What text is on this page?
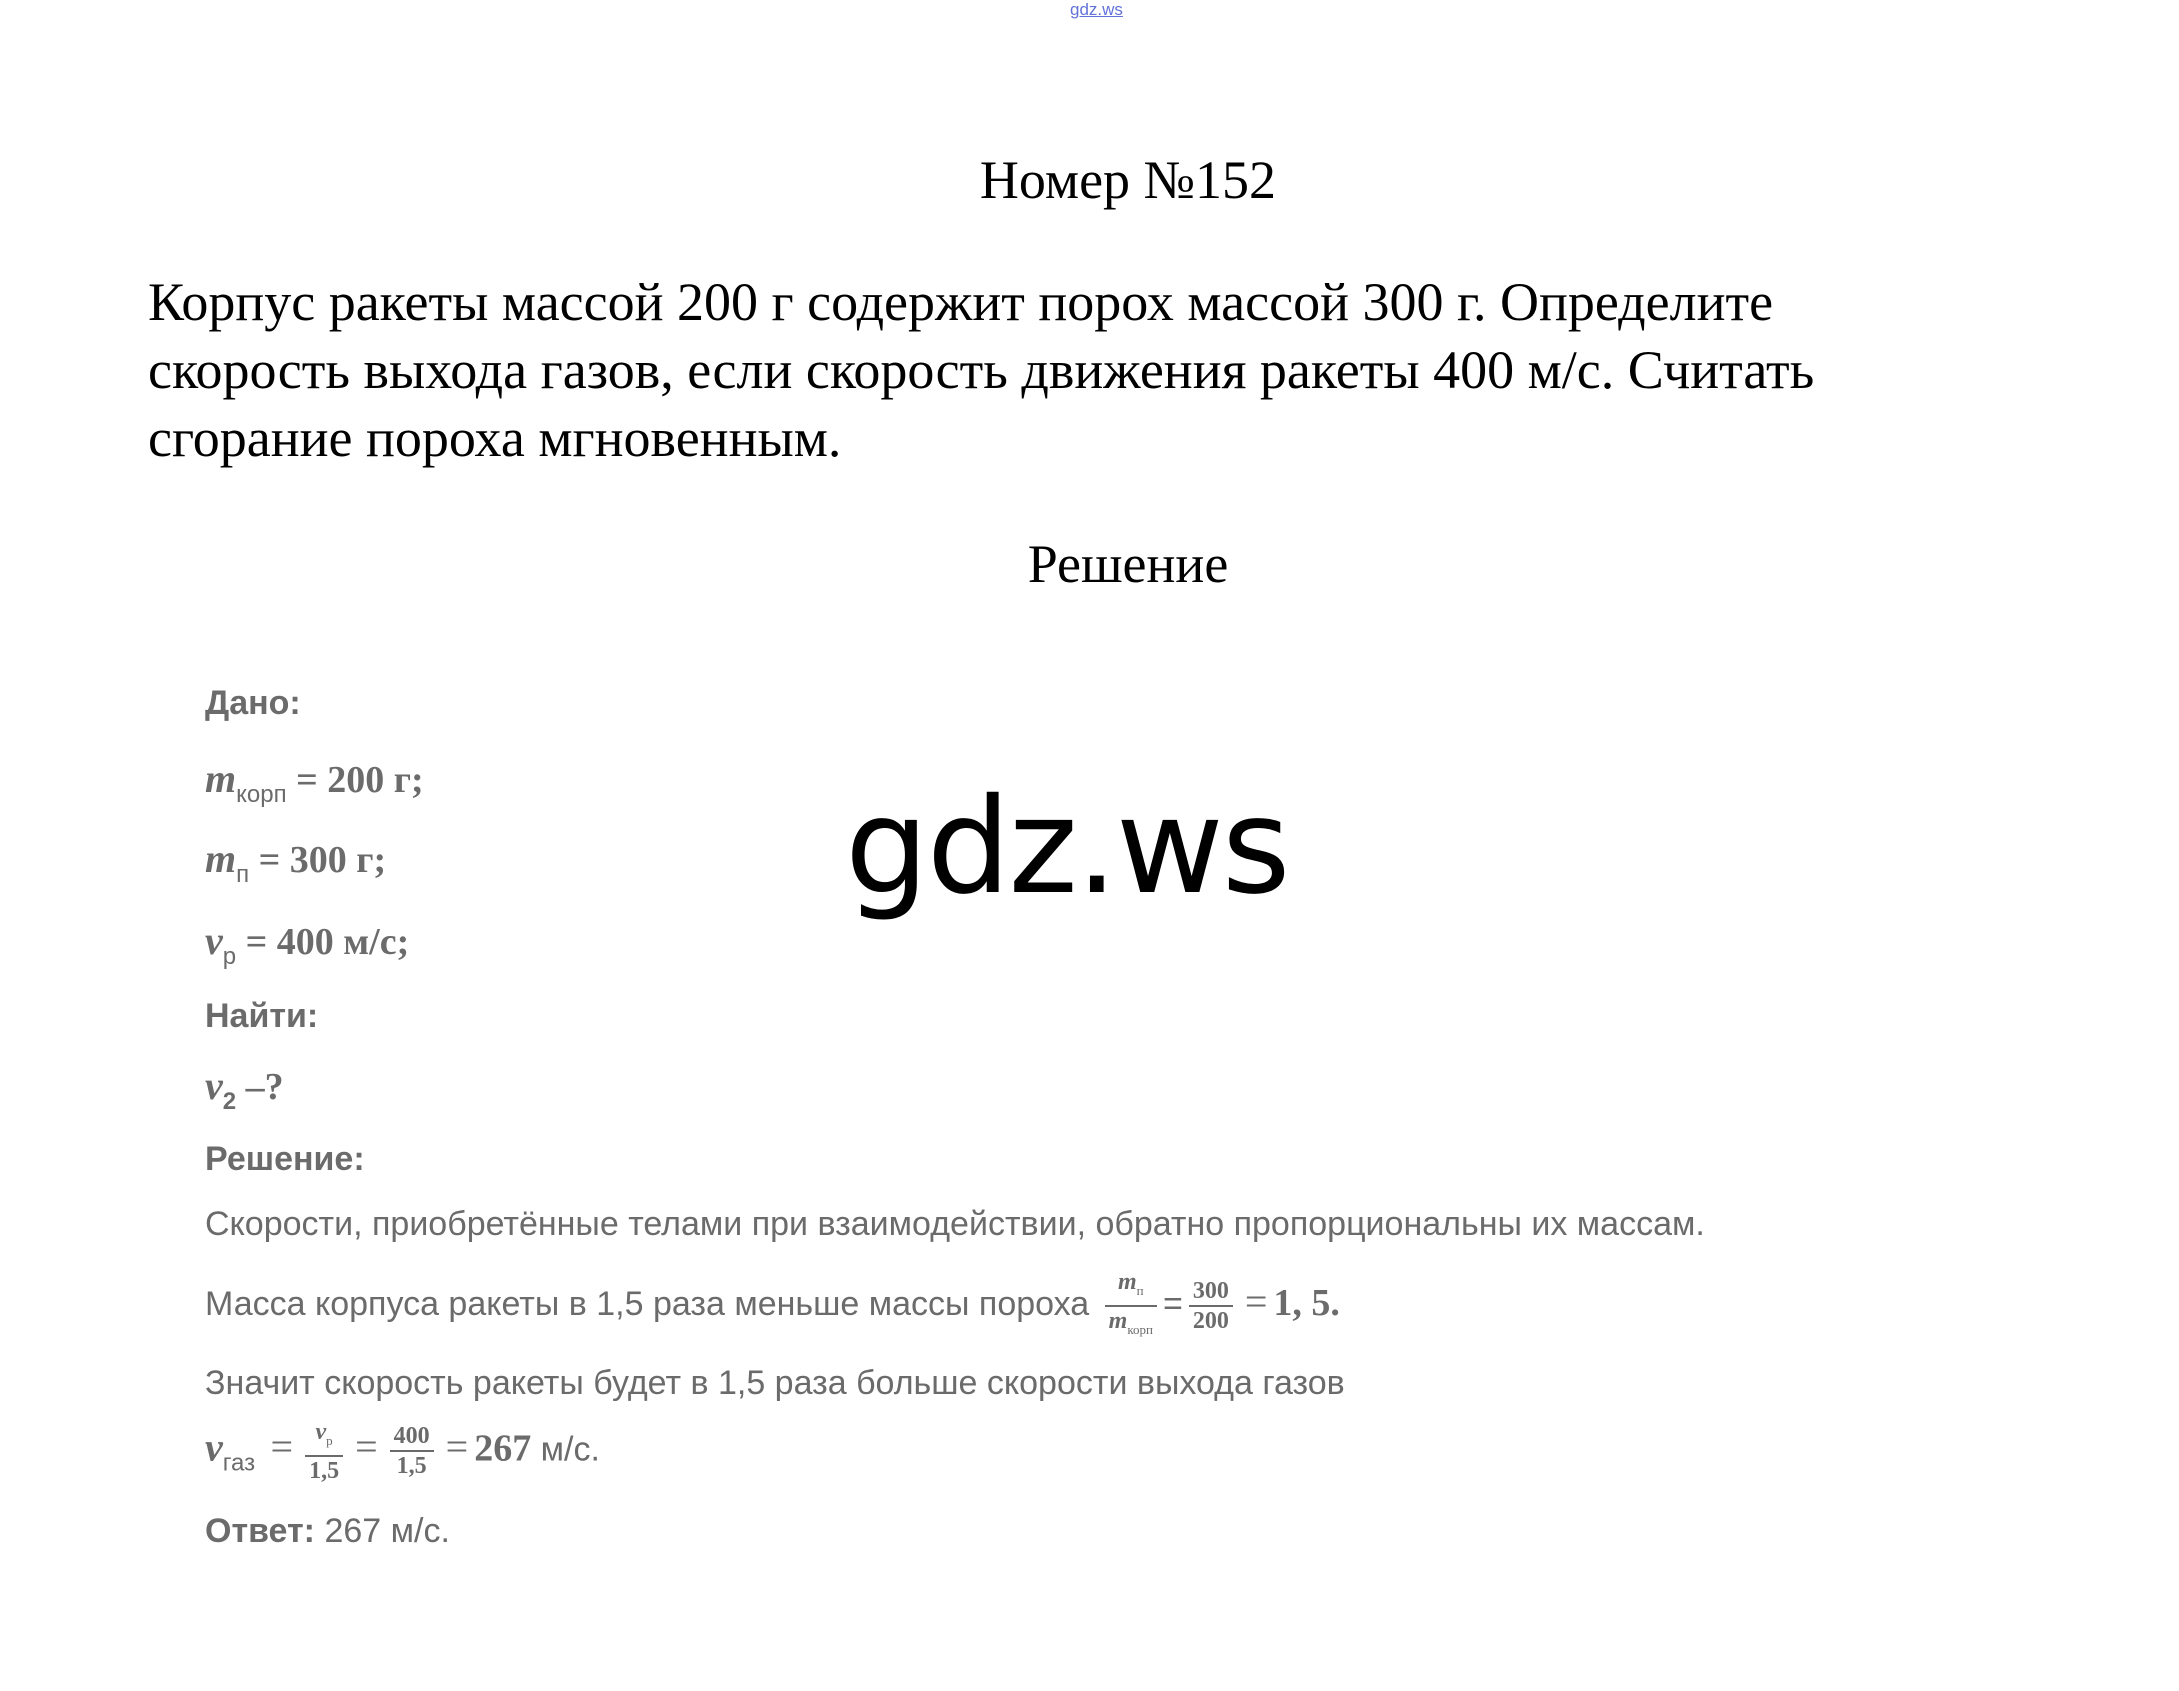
gdz.ws
Номер №152
Корпус ракеты массой 200 г содержит порох массой 300 г. Определите
скорость выхода газов, если скорость движения ракеты 400 м/с. Считать
сгорание пороха мгновенным.
Решение
Дано:
$m_{корп} = 200$ г;
$m_п = 300$ г;
$v_р = 400$ м/с;
Найти:
$v_2$ –?
Решение:
Скорости, приобретённые телами при взаимодействии, обратно пропорциональны их массам.
Масса корпуса ракеты в 1,5 раза меньше массы пороха $\frac{m_п}{m_{корп}} = \frac{300}{200} = 1$, 5.
Значит скорость ракеты будет в 1,5 раза больше скорости выхода газов
$v_{газ} = \frac{v_р}{1,5} = \frac{400}{1,5} = 267$ м/с.
Ответ: 267 м/с.
gdz.ws
